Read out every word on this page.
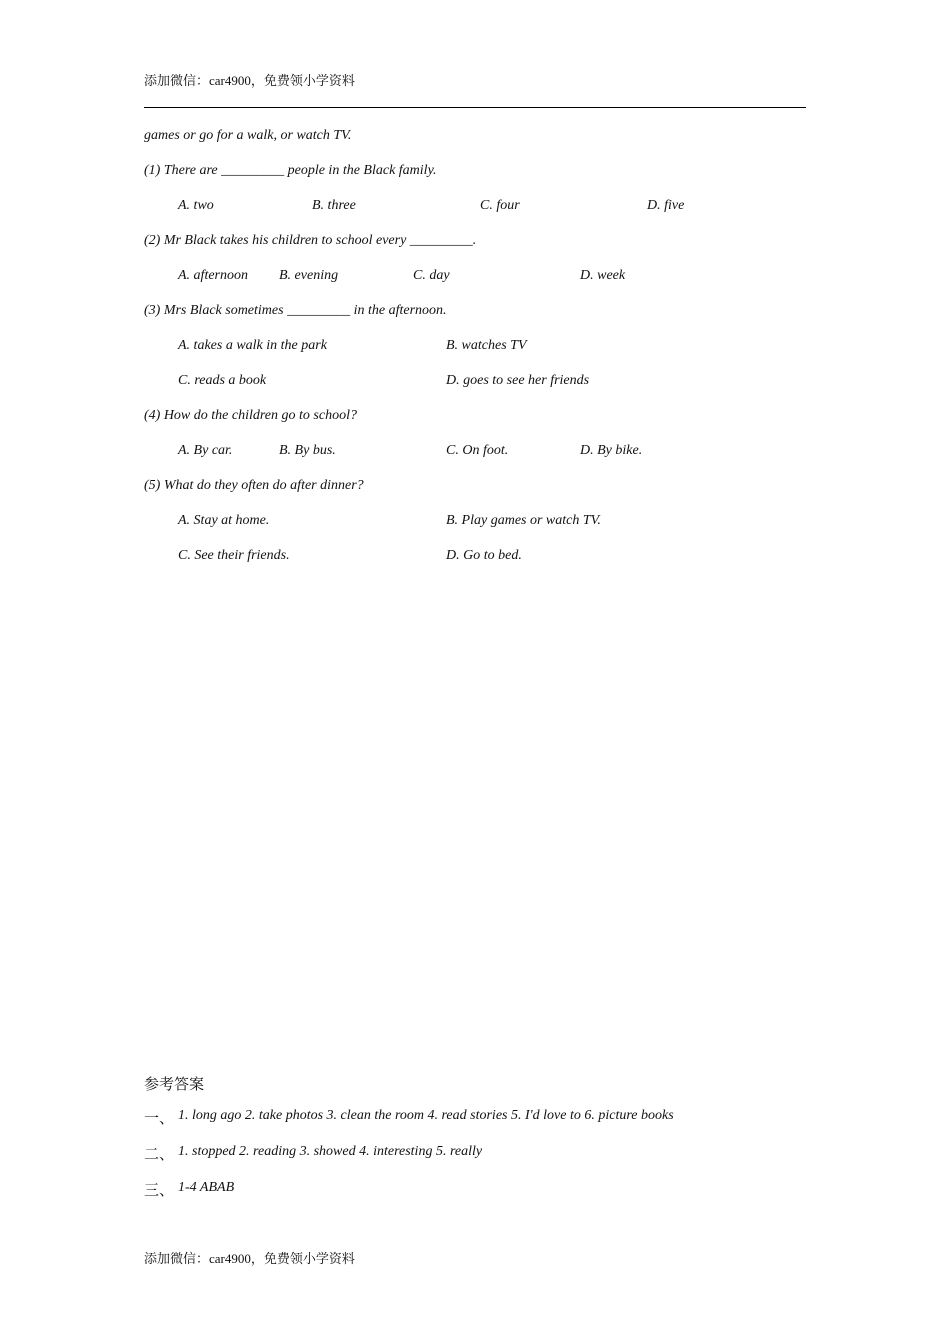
添加微信：car4900，免费领小学资料
games or go for a walk, or watch TV.
(1) There are _________ people in the Black family.
A. two	B. three	C. four	D. five
(2) Mr Black takes his children to school every _________.
A. afternoon B. evening	C. day	D. week
(3) Mrs Black sometimes _________ in the afternoon.
A. takes a walk in the park	B. watches TV
C. reads a book	D. goes to see her friends
(4) How do the children go to school?
A. By car.	B. By bus.	C. On foot.	D. By bike.
(5) What do they often do after dinner?
A. Stay at home.	B. Play games or watch TV.
C. See their friends.	D. Go to bed.
参考答案
一、 1. long ago 2. take photos 3. clean the room 4. read stories 5. I'd love to 6. picture books
二、 1. stopped 2. reading 3. showed 4. interesting 5. really
三、 1-4 ABAB
添加微信：car4900，免费领小学资料
